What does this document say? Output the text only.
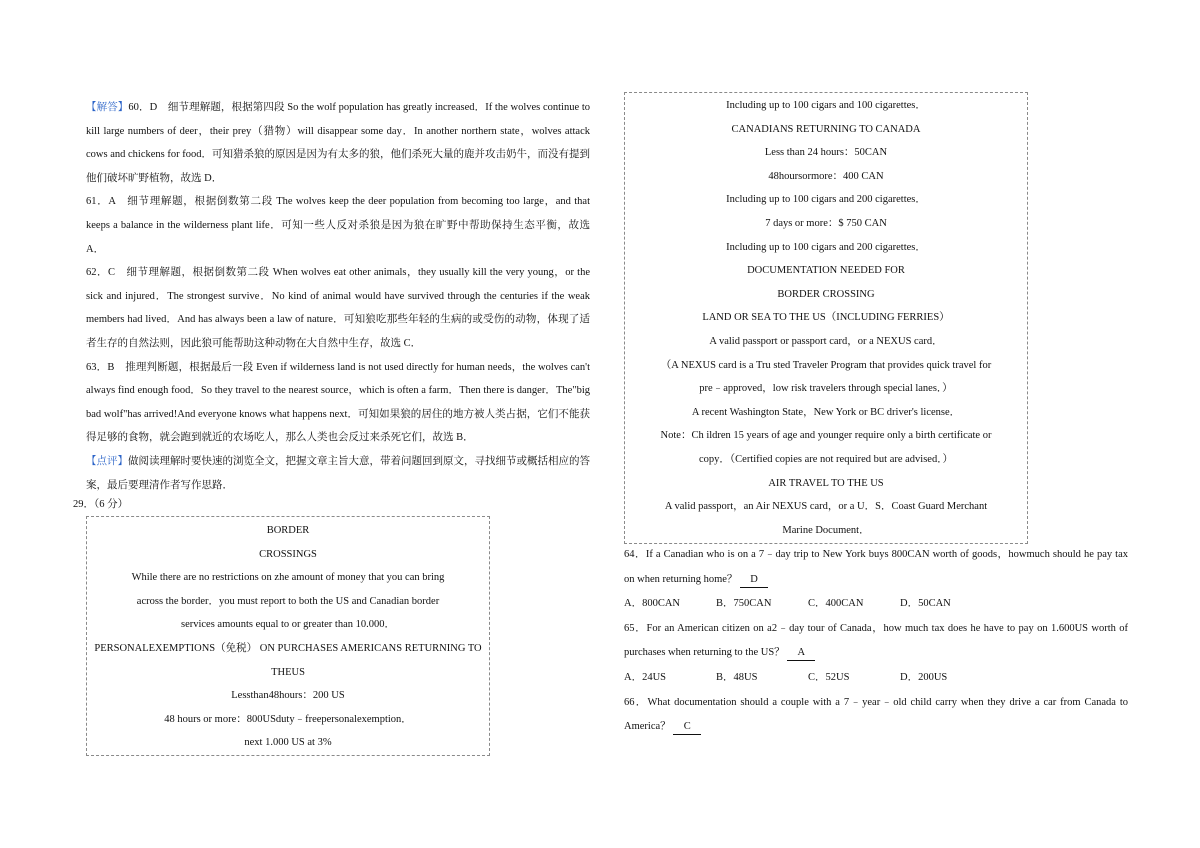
【解答】60．D　细节理解题，根据第四段 So the wolf population has greatly increased．If the wolves continue to kill large numbers of deer，their prey（猎物）will disappear some day．In another northern state，wolves attack cows and chickens for food．可知猎杀狼的原因是因为有太多的狼，他们杀死大量的鹿并攻击奶牛，而没有提到他们破坏旷野植物，故选 D．

61．A　细节理解题，根据倒数第二段 The wolves keep the deer population from becoming too large，and that keeps a balance in the wilderness plant life．可知一些人反对杀狼是因为狼在旷野中帮助保持生态平衡，故选 A．

62．C　细节理解题，根据倒数第二段 When wolves eat other animals，they usually kill the very young，or the sick and injured．The strongest survive．No kind of animal would have survived through the centuries if the weak members had lived．And has always been a law of nature．可知狼吃那些年轻的生病的或受伤的动物，体现了适者生存的自然法则，因此狼可能帮助这种动物在大自然中生存，故选 C．

63．B　推理判断题，根据最后一段 Even if wilderness land is not used directly for human needs，the wolves can't always find enough food．So they travel to the nearest source，which is often a farm．Then there is danger．The"big bad wolf"has arrived!And everyone knows what happens next．可知如果狼的居住的地方被人类占据，它们不能获得足够的食物，就会跑到就近的农场吃人，那么人类也会反过来杀死它们，故选 B．

【点评】做阅读理解时要快速的浏览全文，把握文章主旨大意，带着问题回到原文，寻找细节或概括相应的答案，最后要理清作者写作思路．

29．（6 分）
BORDER
CROSSINGS
While there are no restrictions on zhe amount of money that you can bring
across the border．you must report to both the US and Canadian border
services amounts equal to or greater than 10.000．
PERSONALEXEMPTIONS（免税） ON PURCHASES AMERICANS RETURNING TO
THEUS
Lessthan48hours：200 US
48 hours or more：800USduty﹣freepersonalexemption．
next 1.000 US at 3%
Including up to 100 cigars and 100 cigarettes．
CANADIANS RETURNING TO CANADA
Less than 24 hours：50CAN
48hoursormore：400 CAN
Including up to 100 cigars and 200 cigarettes．
7 days or more：$ 750 CAN
Including up to 100 cigars and 200 cigarettes．
DOCUMENTATION NEEDED FOR
BORDER CROSSING
LAND OR SEA TO THE US（INCLUDING FERRIES）
A valid passport or passport card，or a NEXUS card．
（A NEXUS card is a Tru sted Traveler Program that provides quick travel for
pre﹣approved，low risk travelers through special lanes．）
A recent Washington State，New York or BC driver's license．
Note：Ch ildren 15 years of age and younger require only a birth certificate or
copy．（Certified copies are not required but are advised．）
AIR TRAVEL TO THE US
A valid passport，an Air NEXUS card，or a U．S．Coast Guard Merchant
Marine Document．

64．If a Canadian who is on a 7﹣day trip to New York buys 800CAN worth of goods，howmuch should he pay tax on when returning home？ D

A．800CAN	B．750CAN	C．400CAN	D．50CAN

65．For an American citizen on a2﹣day tour of Canada，how much tax does he have to pay on 1.600US worth of purchases when returning to the US？ A

A．24US	B．48US	C．52US	D．200US

66．What documentation should a couple with a 7﹣year﹣old child carry when they drive a car from Canada to America？ C
